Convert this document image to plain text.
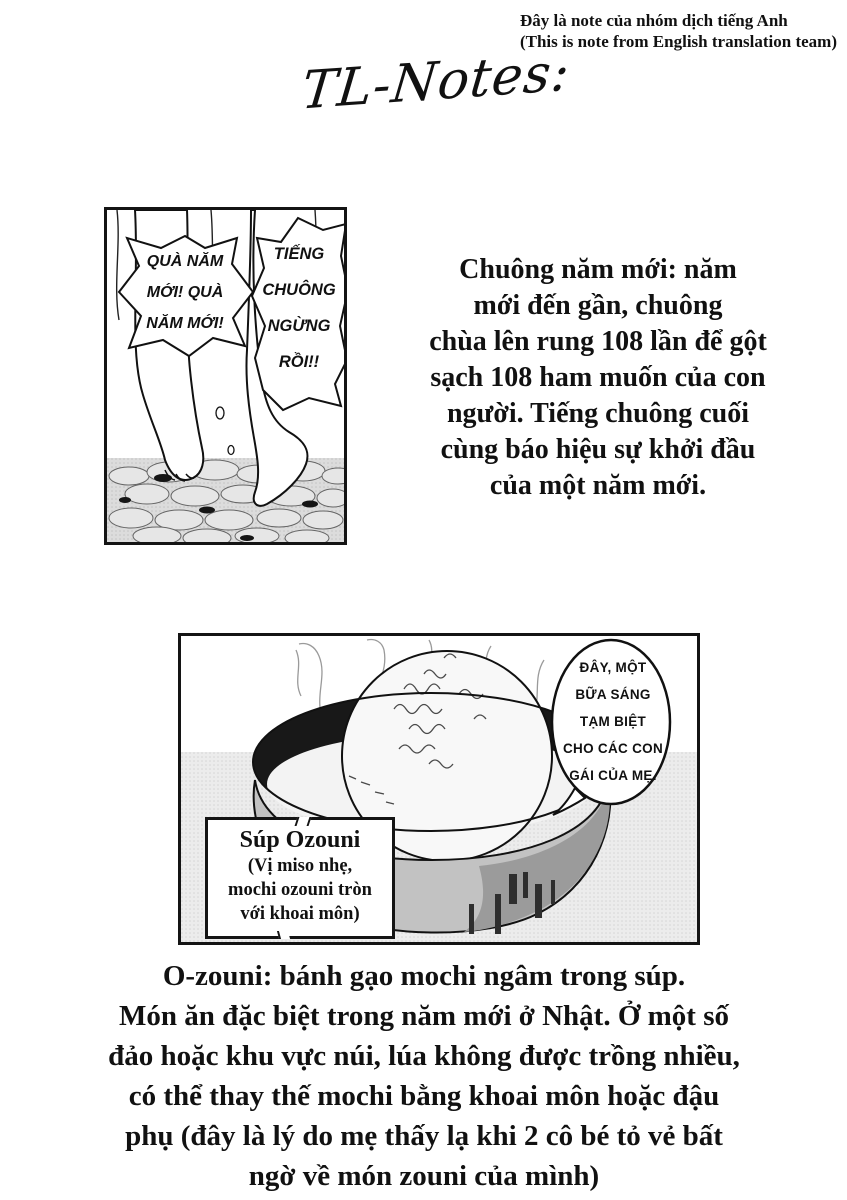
Đây là note của nhóm dịch tiếng Anh
(This is note from English translation team)
TL-Notes:
QUÀ NĂM
MỚI! QUÀ
NĂM MỚI!
TIẾNG
CHUÔNG
NGỪNG
RỒI!!
Chuông năm mới: năm
mới đến gần, chuông
chùa lên rung 108 lần để gột
sạch 108 ham muốn của con
người. Tiếng chuông cuối
cùng báo hiệu sự khởi đầu
của một năm mới.
ĐÂY, MỘT
BỮA SÁNG
TẠM BIỆT
CHO CÁC CON
GÁI CỦA MẸ.
Súp Ozouni
(Vị miso nhẹ,
mochi ozouni tròn
với khoai môn)
O-zouni: bánh gạo mochi ngâm trong súp.
Món ăn đặc biệt trong năm mới ở Nhật. Ở một số
đảo hoặc khu vực núi, lúa không được trồng nhiều,
có thể thay thế mochi bằng khoai môn hoặc đậu
phụ (đây là lý do mẹ thấy lạ khi 2 cô bé tỏ vẻ bất
ngờ về món zouni của mình)
